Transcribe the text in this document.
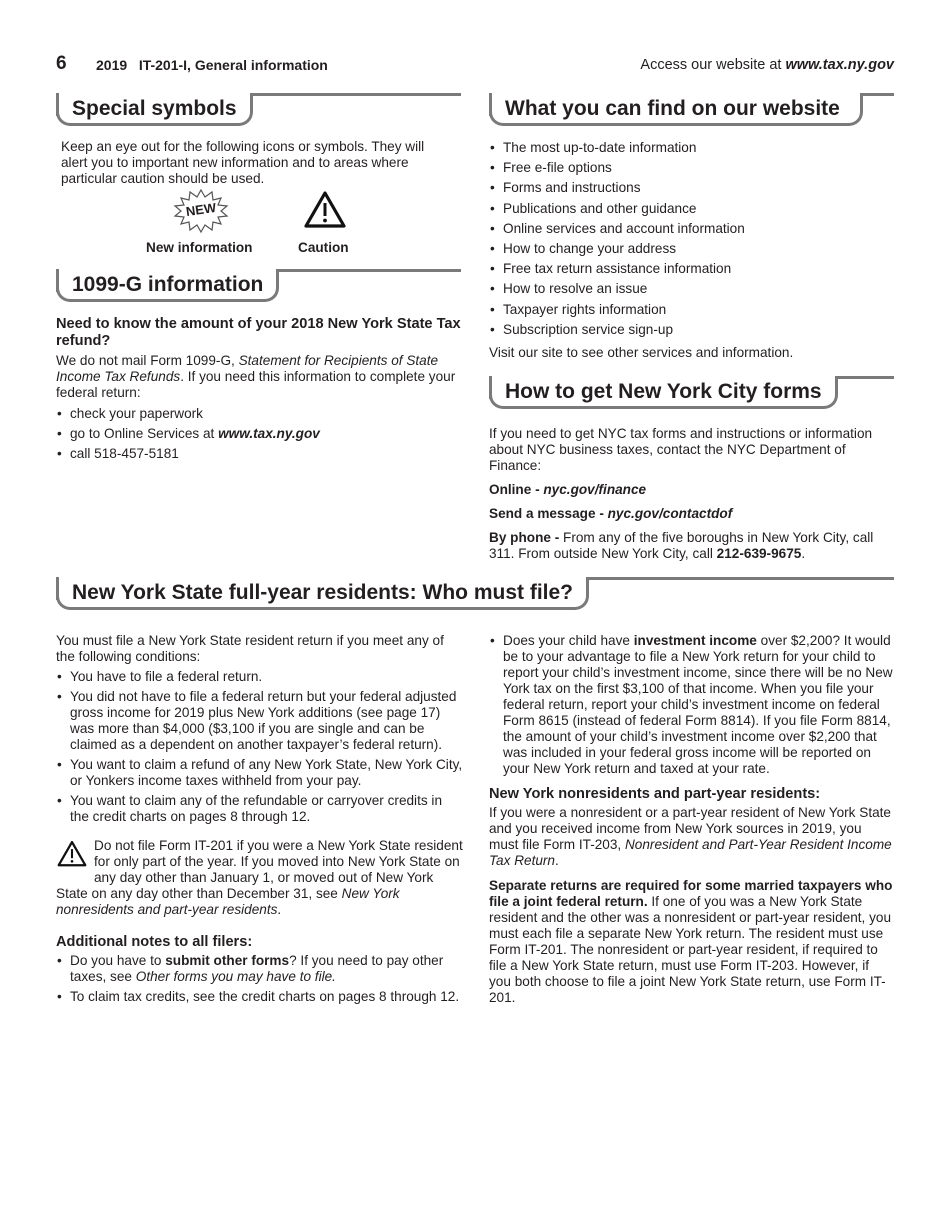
6 2019   IT-201-I, General information	Access our website at www.tax.ny.gov
Special symbols

Keep an eye out for the following icons or symbols. They will alert you to important new information and to areas where particular caution should be used.

NEW
New information	Caution
1099-G information

Need to know the amount of your 2018 New York State Tax refund?

We do not mail Form 1099-G, Statement for Recipients of State Income Tax Refunds. If you need this information to complete your federal return:

• check your paperwork
• go to Online Services at www.tax.ny.gov
• call 518-457-5181
What you can find on our website
• The most up-to-date information
• Free e-file options
• Forms and instructions
• Publications and other guidance
• Online services and account information
• How to change your address
• Free tax return assistance information
• How to resolve an issue
• Taxpayer rights information
• Subscription service sign-up

Visit our site to see other services and information.

How to get New York City forms

If you need to get NYC tax forms and instructions or information about NYC business taxes, contact the NYC Department of Finance:

Online - nyc.gov/finance

Send a message - nyc.gov/contactdof

By phone - From any of the five boroughs in New York City, call 311. From outside New York City, call 212-639-9675.

New York State full-year residents: Who must file?

You must file a New York State resident return if you meet any of the following conditions:

• You have to file a federal return.
• You did not have to file a federal return but your federal adjusted gross income for 2019 plus New York additions (see page 17) was more than $4,000 ($3,100 if you are single and can be claimed as a dependent on another taxpayer’s federal return).
• You want to claim a refund of any New York State, New York City, or Yonkers income taxes withheld from your pay.
• You want to claim any of the refundable or carryover credits in the credit charts on pages 8 through 12.
Do not file Form IT-201 if you were a New York State resident for only part of the year. If you moved into New York State on any day other than January 1, or moved out of New York State on any day other than December 31, see New York nonresidents and part-year residents.

Additional notes to all filers:

• Do you have to submit other forms? If you need to pay other taxes, see Other forms you may have to file.
• To claim tax credits, see the credit charts on pages 8 through 12.
• Does your child have investment income over $2,200? It would be to your advantage to file a New York return for your child to report your child’s investment income, since there will be no New York tax on the first $3,100 of that income. When you file your federal return, report your child’s investment income on federal Form 8615 (instead of federal Form 8814). If you file Form 8814, the amount of your child’s investment income over $2,200 that was included in your federal gross income will be reported on your New York return and taxed at your rate.

New York nonresidents and part-year residents:

If you were a nonresident or a part-year resident of New York State and you received income from New York sources in 2019, you must file Form IT-203, Nonresident and Part-Year Resident Income Tax Return.

Separate returns are required for some married taxpayers who file a joint federal return. If one of you was a New York State resident and the other was a nonresident or part-year resident, you must each file a separate New York return. The resident must use Form IT-201. The nonresident or part-year resident, if required to file a New York State return, must use Form IT-203. However, if you both choose to file a joint New York State return, use Form IT-201.
